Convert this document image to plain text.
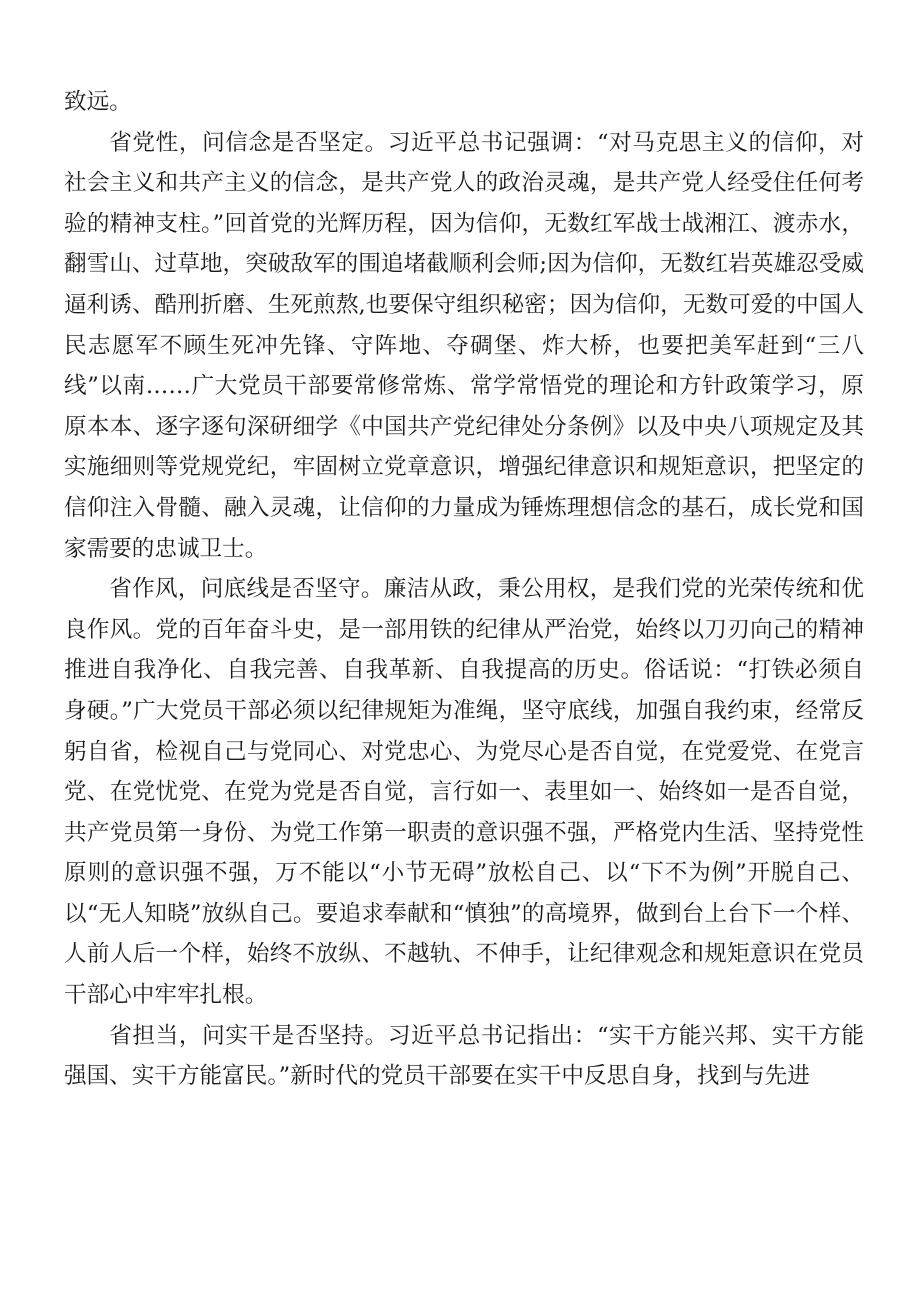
致远。

省党性，问信念是否坚定。习近平总书记强调：“对马克思主义的信仰，对社会主义和共产主义的信念，是共产党人的政治灵魂，是共产党人经受住任何考验的精神支柱。”回首党的光辉历程，因为信仰，无数红军战士战湘江、渡赤水，翻雪山、过草地，突破敌军的围追堵截顺利会师;因为信仰，无数红岩英雄忍受威逼利诱、酷刑折磨、生死煎熬,也要保守组织秘密；因为信仰，无数可爱的中国人民志愿军不顾生死冲先锋、守阵地、夺碉堡、炸大桥，也要把美军赶到“三八线”以南……广大党员干部要常修常炼、常学常悟党的理论和方针政策学习，原原本本、逐字逐句深研细学《中国共产党纪律处分条例》以及中央八项规定及其实施细则等党规党纪，牢固树立党章意识，增强纪律意识和规矩意识，把坚定的信仰注入骨髓、融入灵魂，让信仰的力量成为锤炼理想信念的基石，成长党和国家需要的忠诚卫士。

省作风，问底线是否坚守。廉洁从政，秉公用权，是我们党的光荣传统和优良作风。党的百年奋斗史，是一部用铁的纪律从严治党，始终以刀刃向己的精神推进自我净化、自我完善、自我革新、自我提高的历史。俗话说：“打铁必须自身硬。”广大党员干部必须以纪律规矩为准绳，坚守底线，加强自我约束，经常反躬自省，检视自己与党同心、对党忠心、为党尽心是否自觉，在党爱党、在党言党、在党忧党、在党为党是否自觉，言行如一、表里如一、始终如一是否自觉，共产党员第一身份、为党工作第一职责的意识强不强，严格党内生活、坚持党性原则的意识强不强，万不能以“小节无碍”放松自己、以“下不为例”开脱自己、以“无人知晓”放纵自己。要追求奉献和“慎独”的高境界，做到台上台下一个样、人前人后一个样，始终不放纵、不越轨、不伸手，让纪律观念和规矩意识在党员干部心中牢牢扎根。

省担当，问实干是否坚持。习近平总书记指出：“实干方能兴邦、实干方能强国、实干方能富民。”新时代的党员干部要在实干中反思自身，找到与先进
